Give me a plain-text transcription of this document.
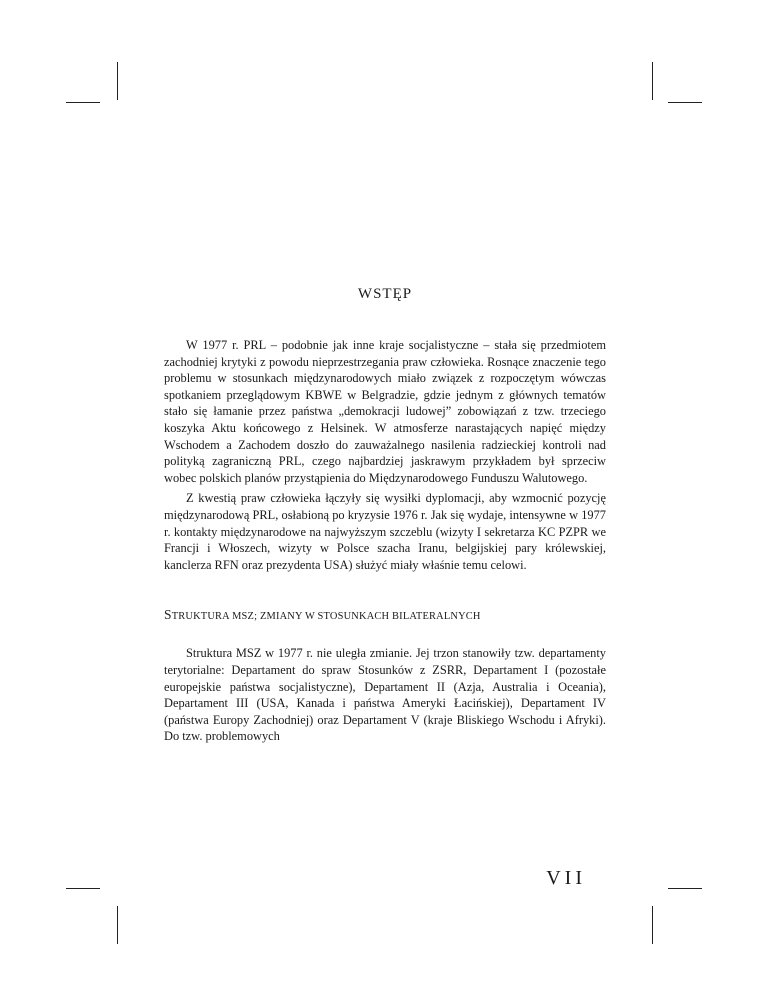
WSTĘP

W 1977 r. PRL – podobnie jak inne kraje socjalistyczne – stała się przedmiotem zachodniej krytyki z powodu nieprzestrzegania praw człowieka. Rosnące znaczenie tego problemu w stosunkach międzynarodowych miało związek z rozpoczętym wówczas spotkaniem przeglądowym KBWE w Belgradzie, gdzie jednym z głównych tematów stało się łamanie przez państwa „demokracji ludowej” zobowiązań z tzw. trzeciego koszyka Aktu końcowego z Helsinek. W atmosferze narastających napięć między Wschodem a Zachodem doszło do zauważalnego nasilenia radzieckiej kontroli nad polityką zagraniczną PRL, czego najbardziej jaskrawym przykładem był sprzeciw wobec polskich planów przystąpienia do Międzynarodowego Funduszu Walutowego.

Z kwestią praw człowieka łączyły się wysiłki dyplomacji, aby wzmocnić pozycję międzynarodową PRL, osłabioną po kryzysie 1976 r. Jak się wydaje, intensywne w 1977 r. kontakty międzynarodowe na najwyższym szczeblu (wizyty I sekretarza KC PZPR we Francji i Włoszech, wizyty w Polsce szacha Iranu, belgijskiej pary królewskiej, kanclerza RFN oraz prezydenta USA) służyć miały właśnie temu celowi.

STRUKTURA MSZ; ZMIANY W STOSUNKACH BILATERALNYCH

Struktura MSZ w 1977 r. nie uległa zmianie. Jej trzon stanowiły tzw. departamenty terytorialne: Departament do spraw Stosunków z ZSRR, Departament I (pozostałe europejskie państwa socjalistyczne), Departament II (Azja, Australia i Oceania), Departament III (USA, Kanada i państwa Ameryki Łacińskiej), Departament IV (państwa Europy Zachodniej) oraz Departament V (kraje Bliskiego Wschodu i Afryki). Do tzw. problemowych

VII
